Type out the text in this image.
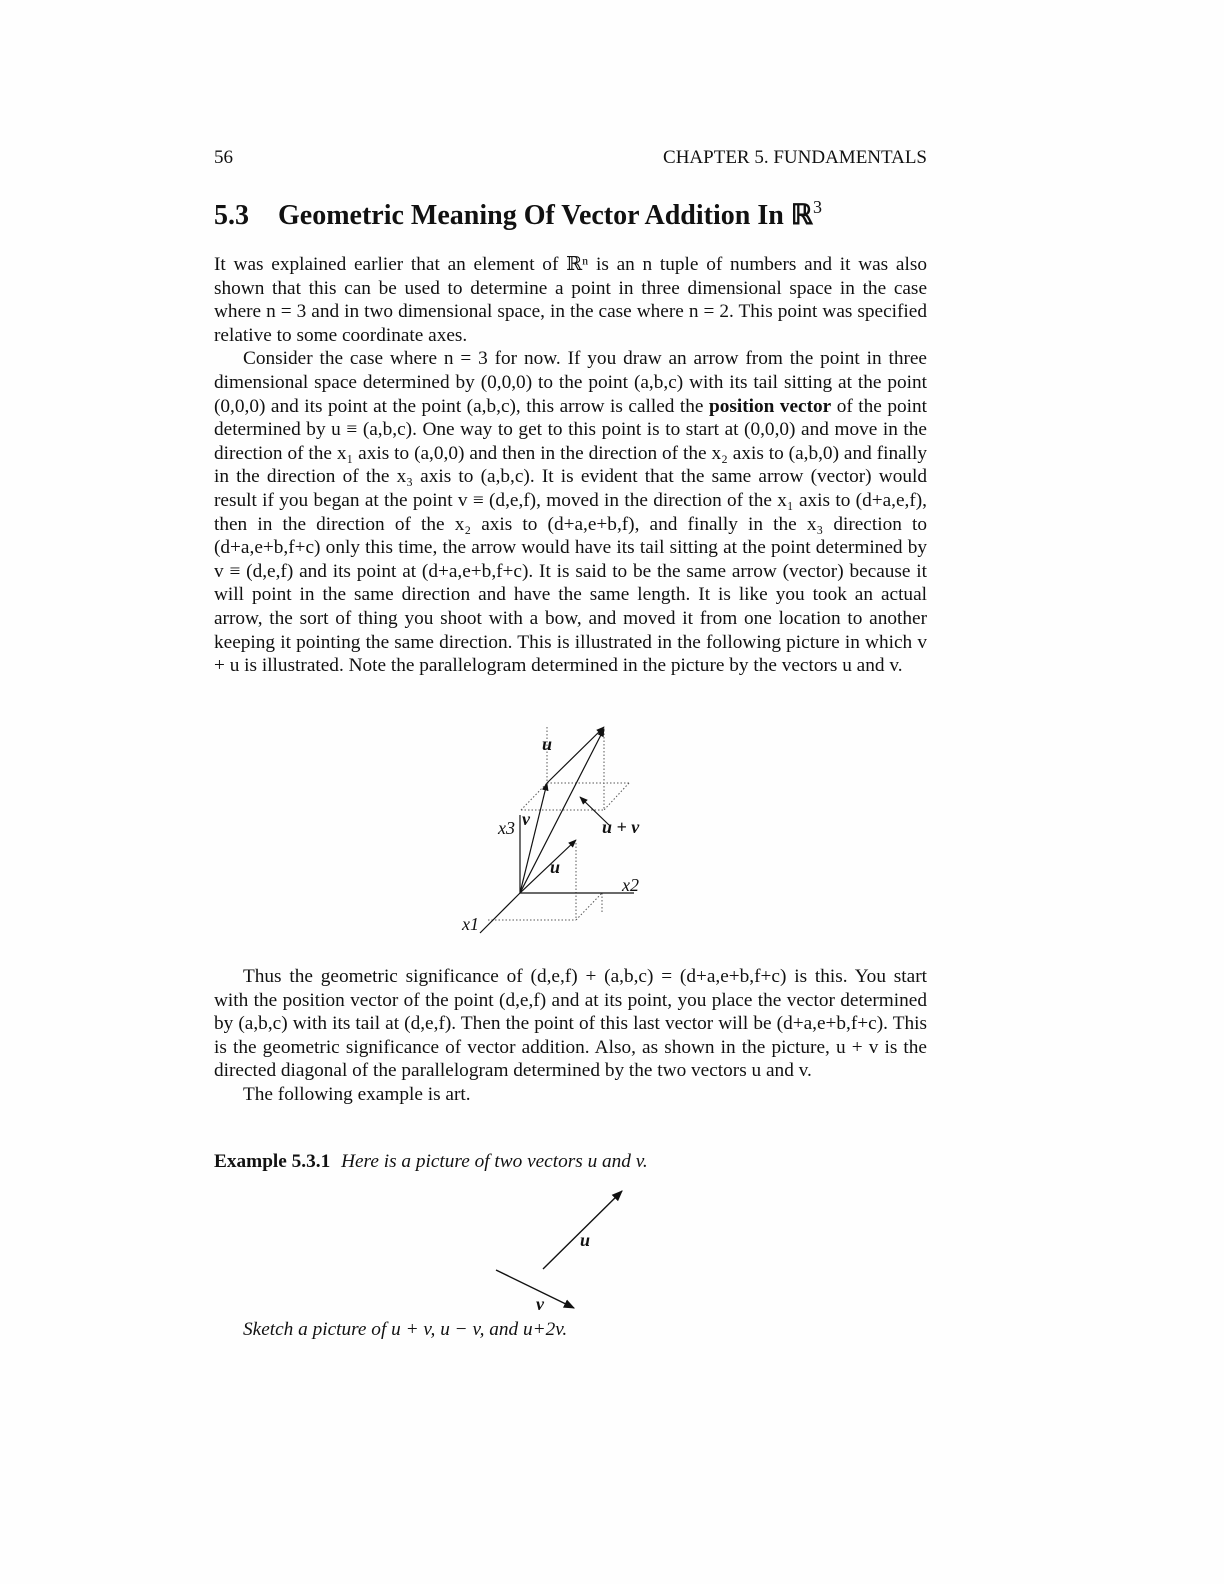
56	CHAPTER 5. FUNDAMENTALS
5.3 Geometric Meaning Of Vector Addition In ℝ$^3$

It was explained earlier that an element of ℝⁿ is an n tuple of numbers and it was also shown that this can be used to determine a point in three dimensional space in the case where n = 3 and in two dimensional space, in the case where n = 2. This point was specified relative to some coordinate axes.

Consider the case where n = 3 for now. If you draw an arrow from the point in three dimensional space determined by (0,0,0) to the point (a,b,c) with its tail sitting at the point (0,0,0) and its point at the point (a,b,c), this arrow is called the position vector of the point determined by u ≡ (a,b,c). One way to get to this point is to start at (0,0,0) and move in the direction of the x₁ axis to (a,0,0) and then in the direction of the x₂ axis to (a,b,0) and finally in the direction of the x₃ axis to (a,b,c). It is evident that the same arrow (vector) would result if you began at the point v ≡ (d,e,f), moved in the direction of the x₁ axis to (d+a,e,f), then in the direction of the x₂ axis to (d+a,e+b,f), and finally in the x₃ direction to (d+a,e+b,f+c) only this time, the arrow would have its tail sitting at the point determined by v ≡ (d,e,f) and its point at (d+a,e+b,f+c). It is said to be the same arrow (vector) because it will point in the same direction and have the same length. It is like you took an actual arrow, the sort of thing you shoot with a bow, and moved it from one location to another keeping it pointing the same direction. This is illustrated in the following picture in which v + u is illustrated. Note the parallelogram determined in the picture by the vectors u and v.

u
v
x3	u + v
u
x2
x1

Thus the geometric significance of (d,e,f) + (a,b,c) = (d+a,e+b,f+c) is this. You start with the position vector of the point (d,e,f) and at its point, you place the vector determined by (a,b,c) with its tail at (d,e,f). Then the point of this last vector will be (d+a,e+b,f+c). This is the geometric significance of vector addition. Also, as shown in the picture, u + v is the directed diagonal of the parallelogram determined by the two vectors u and v.

The following example is art.

Example 5.3.1 Here is a picture of two vectors u and v.
u
v
Sketch a picture of u + v, u − v, and u+2v.
